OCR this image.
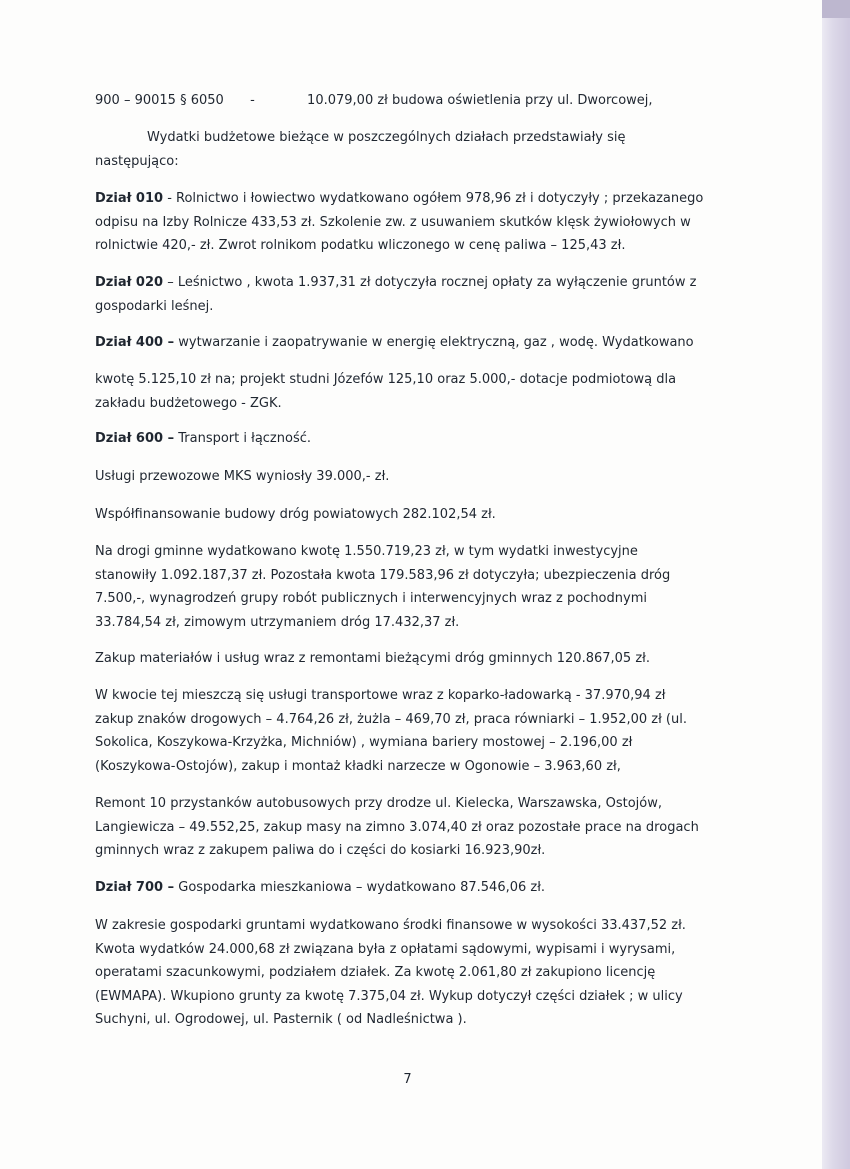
900 – 90015 § 6050 -	10.079,00 zł budowa oświetlenia przy ul. Dworcowej,
Wydatki budżetowe bieżące w poszczególnych działach przedstawiały się
następująco:
Dział 010 - Rolnictwo i łowiectwo wydatkowano ogółem 978,96 zł i dotyczyły ; przekazanego
odpisu na Izby Rolnicze 433,53 zł. Szkolenie zw. z usuwaniem skutków klęsk żywiołowych w
rolnictwie 420,- zł. Zwrot rolnikom podatku wliczonego w cenę paliwa – 125,43 zł.
Dział 020 – Leśnictwo , kwota 1.937,31 zł dotyczyła rocznej opłaty za wyłączenie gruntów z
gospodarki leśnej.
Dział 400 – wytwarzanie i zaopatrywanie w energię elektryczną, gaz , wodę. Wydatkowano
kwotę 5.125,10 zł na; projekt studni Józefów 125,10 oraz 5.000,- dotacje podmiotową dla
zakładu budżetowego - ZGK.
Dział 600 – Transport i łączność.
Usługi przewozowe MKS wyniosły 39.000,- zł.
Współfinansowanie budowy dróg powiatowych 282.102,54 zł.
Na drogi gminne wydatkowano kwotę 1.550.719,23 zł, w tym wydatki inwestycyjne
stanowiły 1.092.187,37 zł. Pozostała kwota 179.583,96 zł dotyczyła; ubezpieczenia dróg
7.500,-, wynagrodzeń grupy robót publicznych i interwencyjnych wraz z pochodnymi
33.784,54 zł, zimowym utrzymaniem dróg 17.432,37 zł.
Zakup materiałów i usług wraz z remontami bieżącymi dróg gminnych 120.867,05 zł.
W kwocie tej mieszczą się usługi transportowe wraz z koparko-ładowarką - 37.970,94 zł
zakup znaków drogowych – 4.764,26 zł, żużla – 469,70 zł, praca równiarki – 1.952,00 zł (ul.
Sokolica, Koszykowa-Krzyżka, Michniów) , wymiana bariery mostowej – 2.196,00 zł
(Koszykowa-Ostojów), zakup i montaż kładki narzecze w Ogonowie – 3.963,60 zł,
Remont 10 przystanków autobusowych przy drodze ul. Kielecka, Warszawska, Ostojów,
Langiewicza – 49.552,25, zakup masy na zimno 3.074,40 zł oraz pozostałe prace na drogach
gminnych wraz z zakupem paliwa do i części do kosiarki 16.923,90zł.
Dział 700 – Gospodarka mieszkaniowa – wydatkowano 87.546,06 zł.
W zakresie gospodarki gruntami wydatkowano środki finansowe w wysokości 33.437,52 zł.
Kwota wydatków 24.000,68 zł związana była z opłatami sądowymi, wypisami i wyrysami,
operatami szacunkowymi, podziałem działek. Za kwotę 2.061,80 zł zakupiono licencję
(EWMAPA). Wkupiono grunty za kwotę 7.375,04 zł. Wykup dotyczył części działek ; w ulicy
Suchyni, ul. Ogrodowej, ul. Pasternik ( od Nadleśnictwa ).
7
